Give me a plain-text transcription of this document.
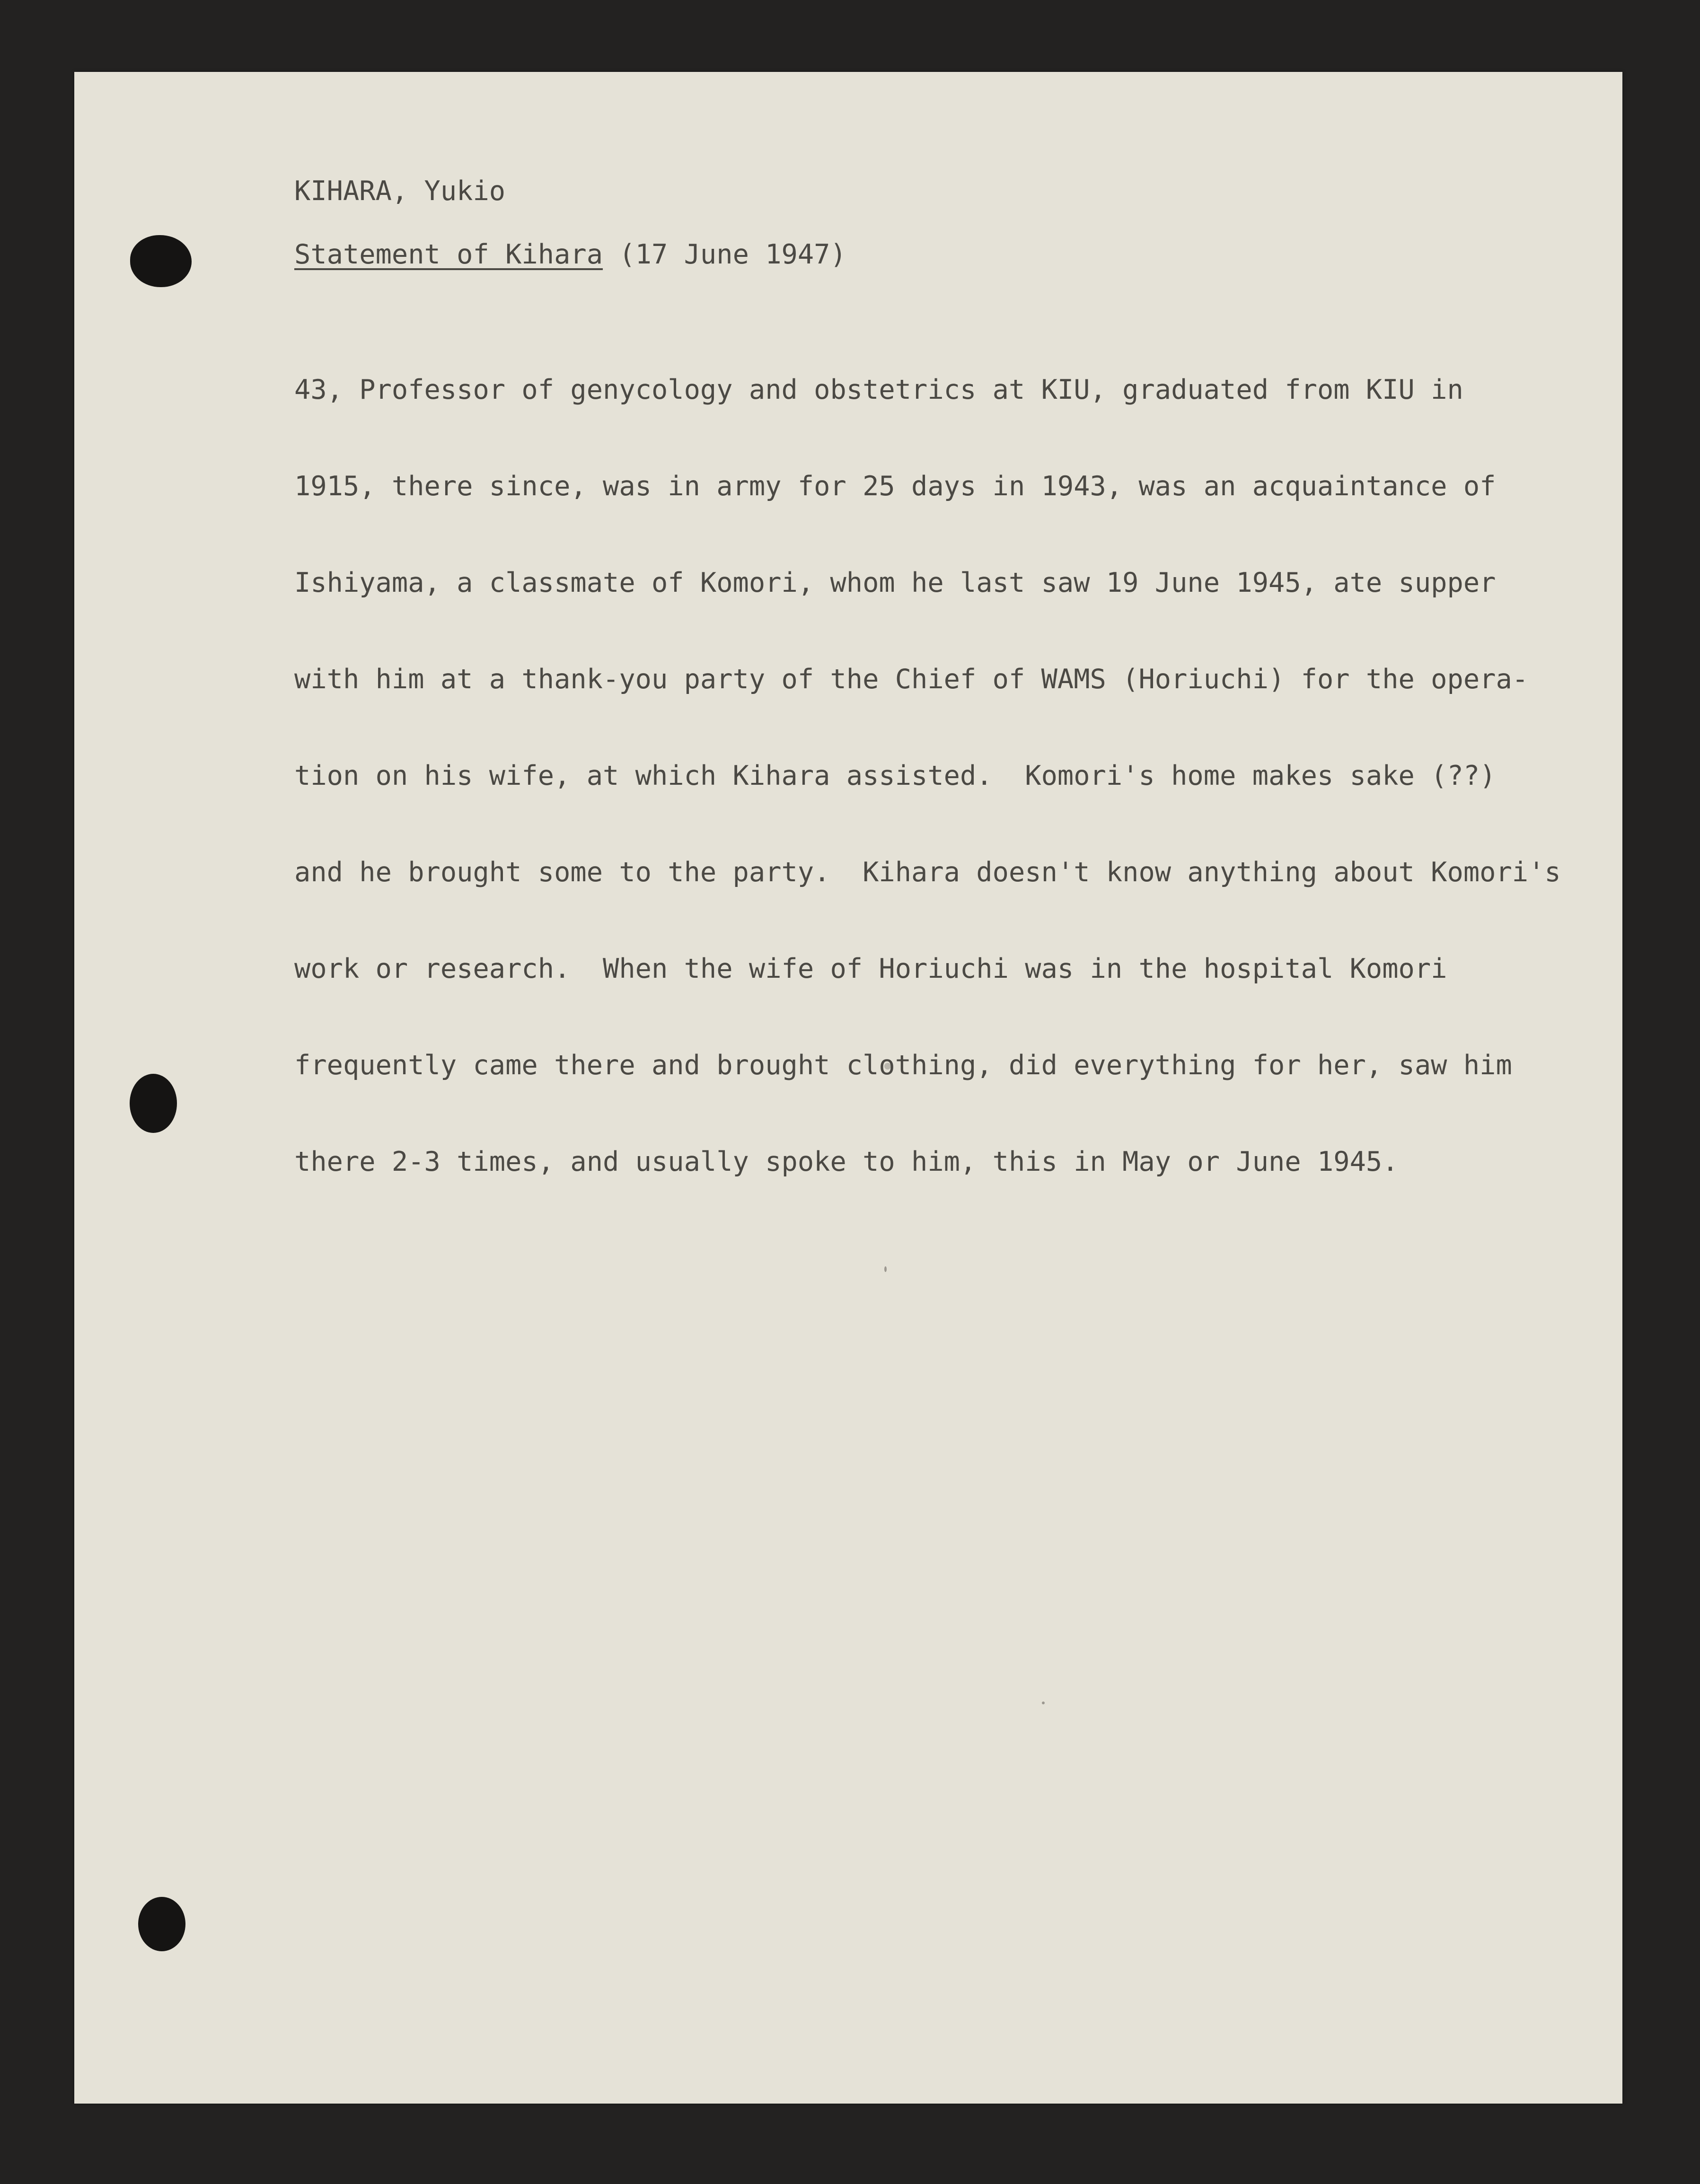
KIHARA, Yukio
Statement of Kihara (17 June 1947)

43, Professor of genycology and obstetrics at KIU, graduated from KIU in

1915, there since, was in army for 25 days in 1943, was an acquaintance of

Ishiyama, a classmate of Komori, whom he last saw 19 June 1945, ate supper

with him at a thank-you party of the Chief of WAMS (Horiuchi) for the opera-

tion on his wife, at which Kihara assisted.  Komori's home makes sake (??)

and he brought some to the party.  Kihara doesn't know anything about Komori's

work or research.  When the wife of Horiuchi was in the hospital Komori

frequently came there and brought clothing, did everything for her, saw him

there 2-3 times, and usually spoke to him, this in May or June 1945.
